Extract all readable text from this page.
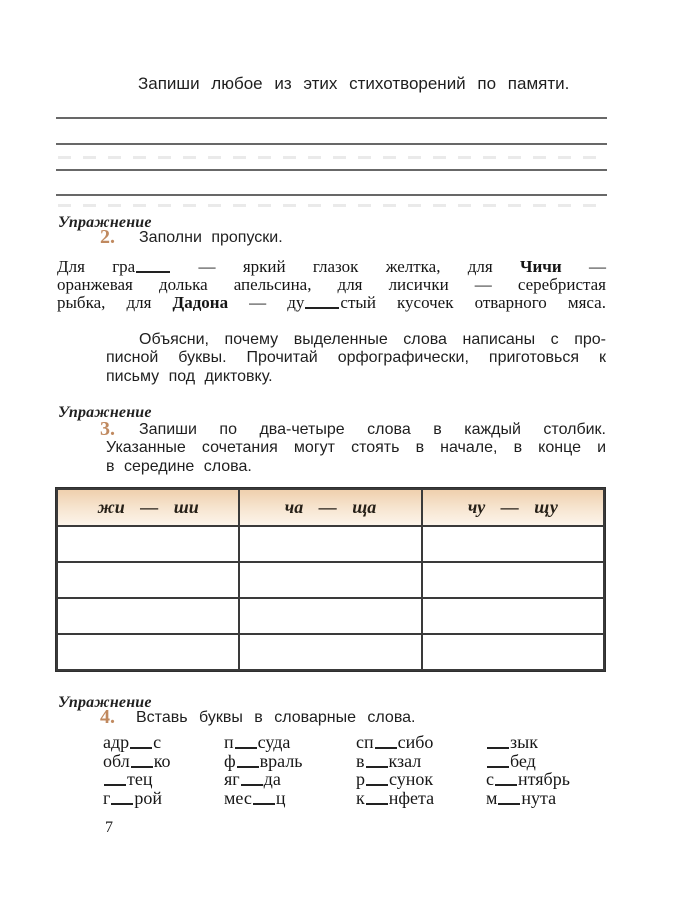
Запиши любое из этих стихотворений по памяти.
Упражнение
2.	Заполни пропуски.
Для гра — яркий глазок желтка, для Чичи —
оранжевая долька апельсина, для лисички — серебристая
рыбка, для Дадона — ду стый кусочек отварного мяса.
Объясни, почему выделенные слова написаны с про-
писной буквы. Прочитай орфографически, приготовься к
письму под диктовку.
Упражнение
3.	Запиши по два-четыре слова в каждый столбик.
Указанные сочетания могут стоять в начале, в конце и
в середине слова.
жи — ши	ча — ща	чу — щу

Упражнение
4.	Вставь буквы в словарные слова.
адр с
обл ко
тец
г рой
п суда
ф враль
яг да
мес ц
сп сибо
в кзал
р сунок
к нфета
зык
бед
с нтябрь
м нута
7
